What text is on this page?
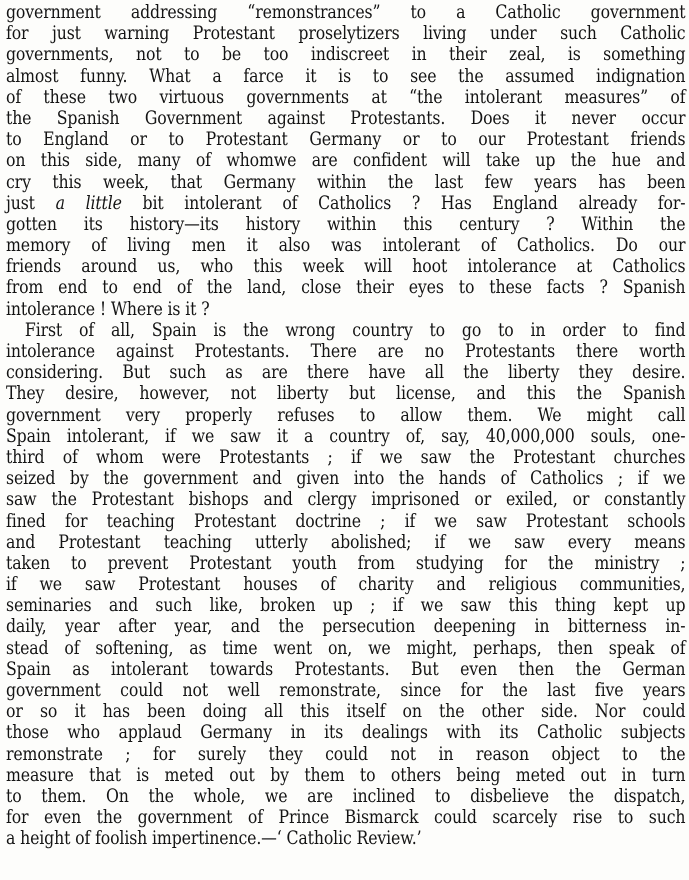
government addressing “remonstrances” to a Catholic government
for just warning Protestant proselytizers living under such Catholic
governments, not to be too indiscreet in their zeal, is something
almost funny. What a farce it is to see the assumed indignation
of these two virtuous governments at “the intolerant measures” of
the Spanish Government against Protestants. Does it never occur
to England or to Protestant Germany or to our Protestant friends
on this side, many of whomwe are confident will take up the hue and
cry this week, that Germany within the last few years has been
just a little bit intolerant of Catholics ? Has England already for-
gotten its history—its history within this century ? Within the
memory of living men it also was intolerant of Catholics. Do our
friends around us, who this week will hoot intolerance at Catholics
from end to end of the land, close their eyes to these facts ? Spanish
intolerance ! Where is it ?
First of all, Spain is the wrong country to go to in order to find
intolerance against Protestants. There are no Protestants there worth
considering. But such as are there have all the liberty they desire.
They desire, however, not liberty but license, and this the Spanish
government very properly refuses to allow them. We might call
Spain intolerant, if we saw it a country of, say, 40,000,000 souls, one-
third of whom were Protestants ; if we saw the Protestant churches
seized by the government and given into the hands of Catholics ; if we
saw the Protestant bishops and clergy imprisoned or exiled, or constantly
fined for teaching Protestant doctrine ; if we saw Protestant schools
and Protestant teaching utterly abolished; if we saw every means
taken to prevent Protestant youth from studying for the ministry ;
if we saw Protestant houses of charity and religious communities,
seminaries and such like, broken up ; if we saw this thing kept up
daily, year after year, and the persecution deepening in bitterness in-
stead of softening, as time went on, we might, perhaps, then speak of
Spain as intolerant towards Protestants. But even then the German
government could not well remonstrate, since for the last five years
or so it has been doing all this itself on the other side. Nor could
those who applaud Germany in its dealings with its Catholic subjects
remonstrate ; for surely they could not in reason object to the
measure that is meted out by them to others being meted out in turn
to them. On the whole, we are inclined to disbelieve the dispatch,
for even the government of Prince Bismarck could scarcely rise to such
a height of foolish impertinence.—‘ Catholic Review.’
